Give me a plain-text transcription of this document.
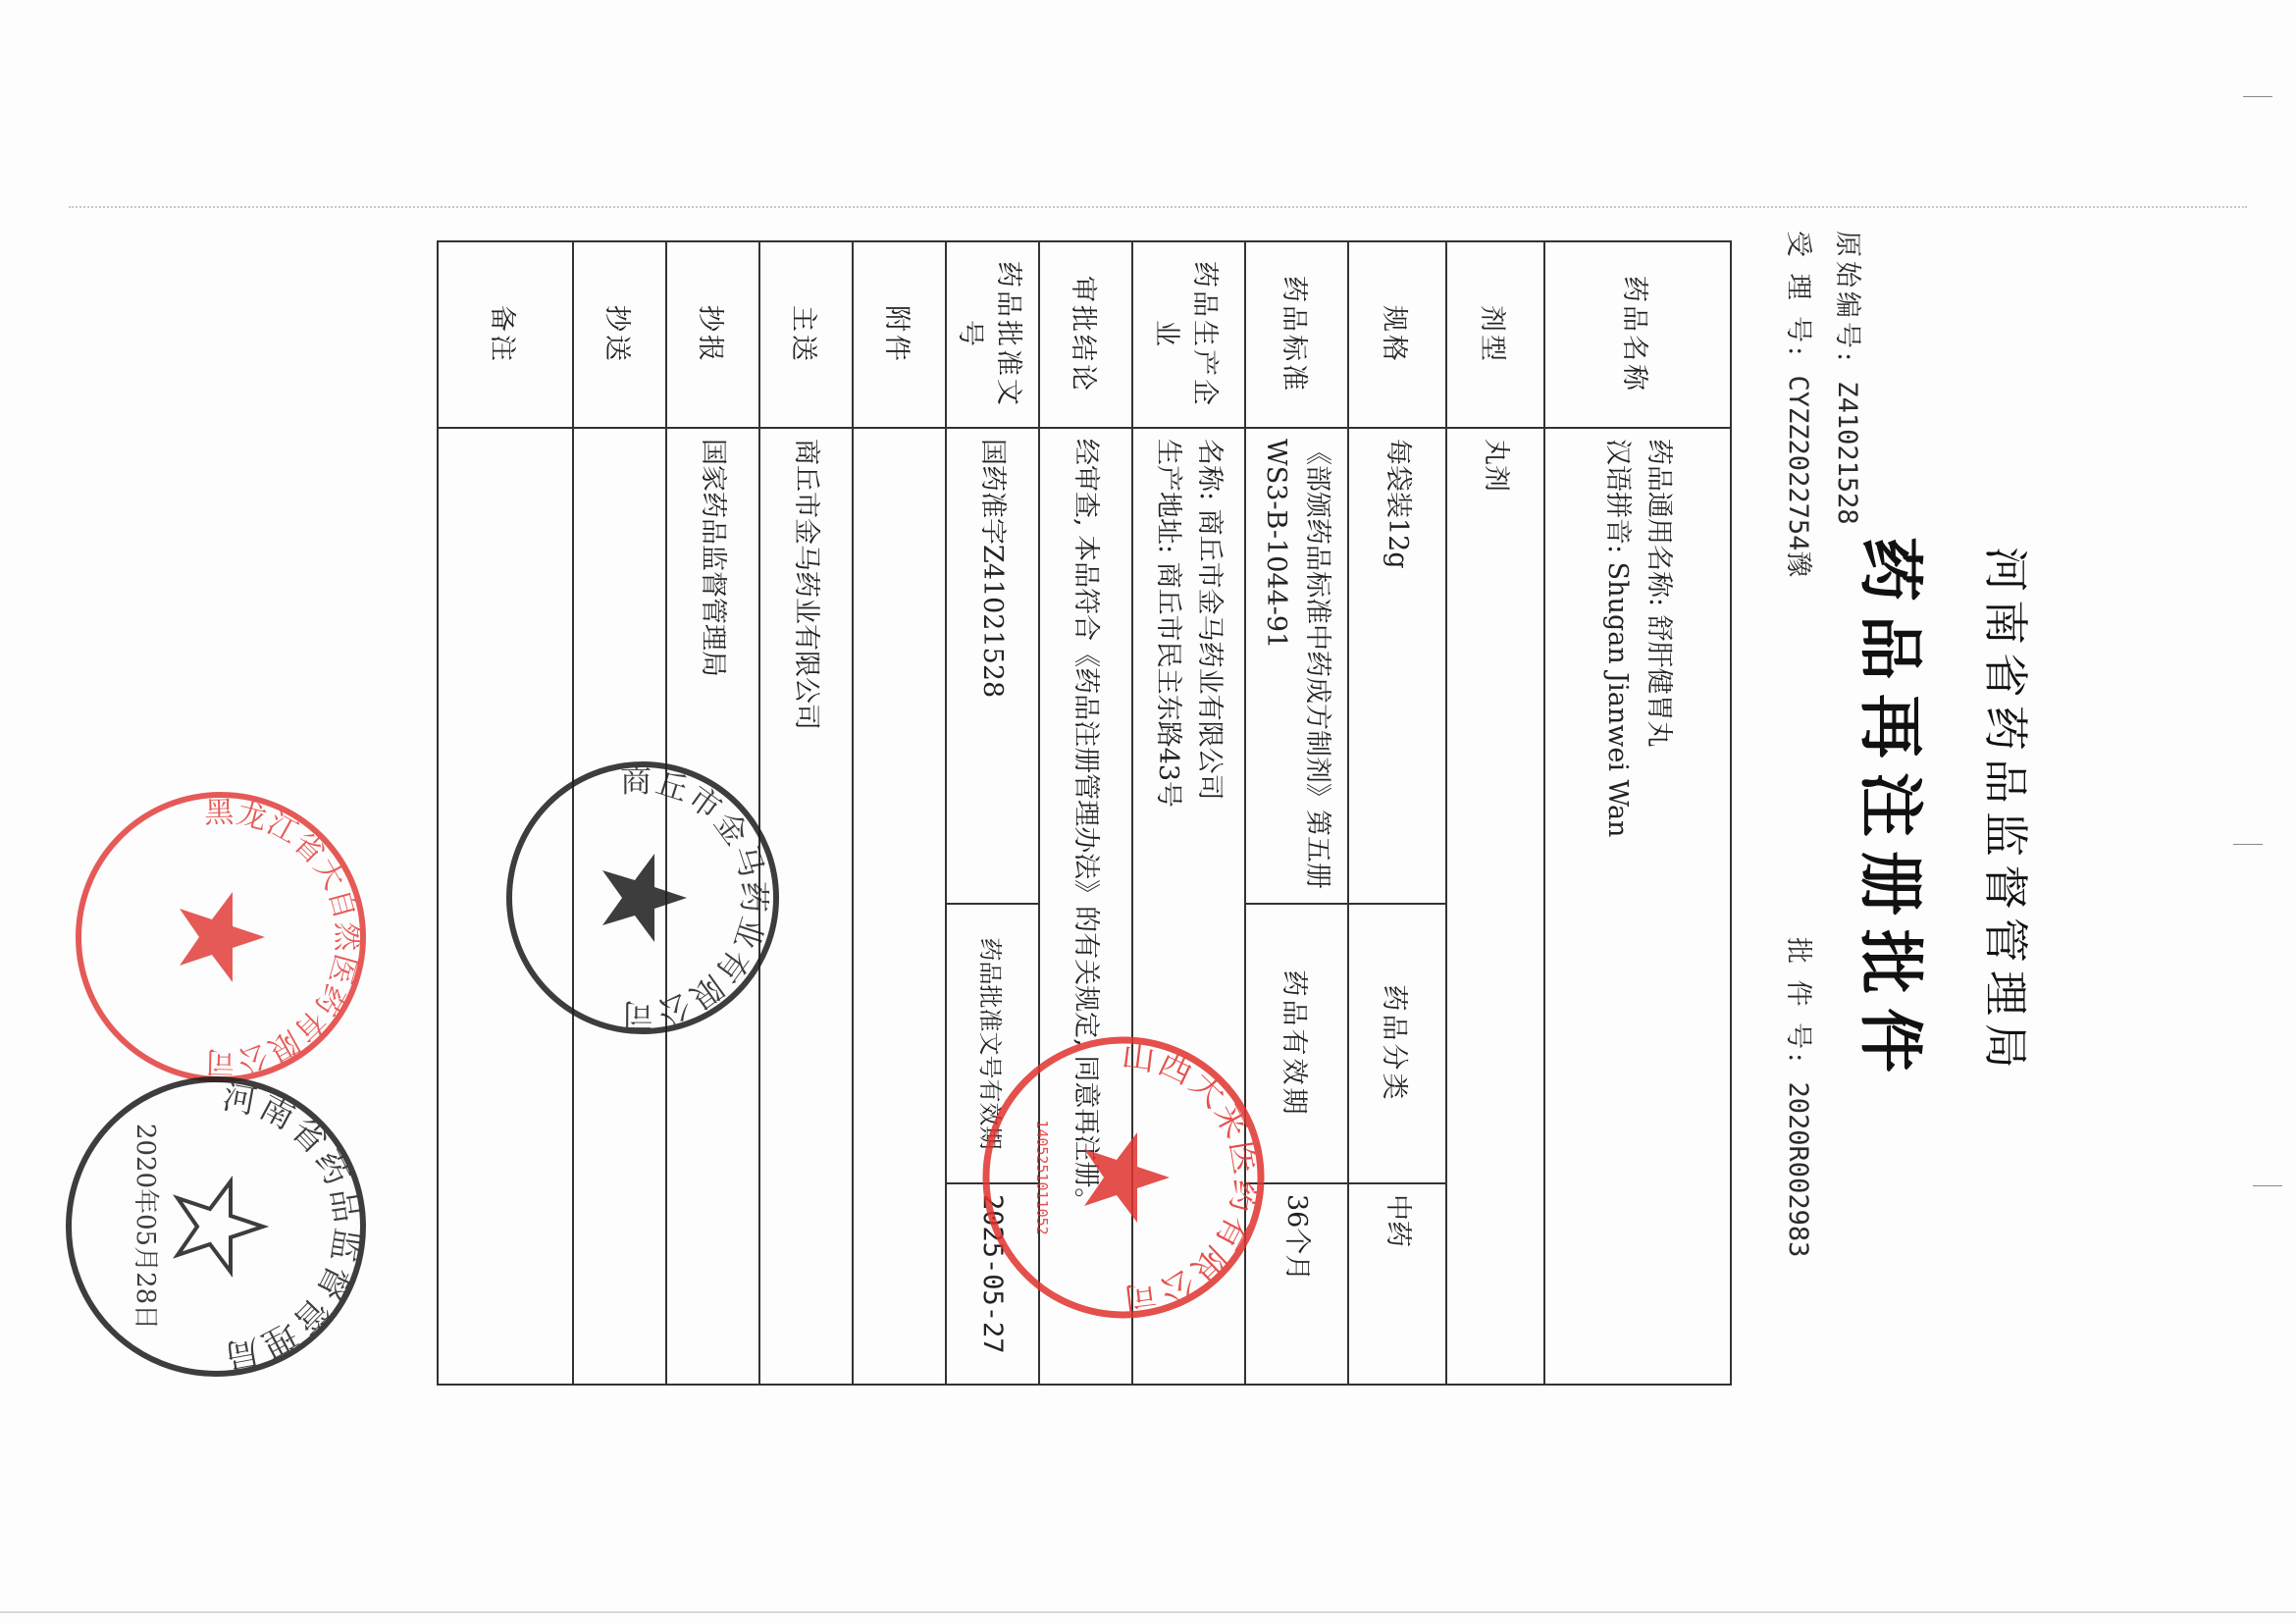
河南省药品监督管理局
药品再注册批件
原始编号: Z41021528
受 理 号: CYZZ2022754豫
批 件 号: 2020R002983
药品名称	药品通用名称: 舒肝健胃丸
汉语拼音: Shugan Jianwei Wan		

剂型	丸剂		
规格	每袋装12g	药品分类	中药
药品标准	《部颁药品标准中药成方制剂》第五册WS3-B-1044-91	药品有效期	36个月
药品生产企业	名称: 商丘市金马药业有限公司
生产地址: 商丘市民主东路43号		

审批结论	经审查, 本品符合《药品注册管理办法》的有关规定, 同意再注册。		
药品批准文号	国药准字Z41021528	药品批准文号有效期	2025-05-27
附件			
主送	商丘市金马药业有限公司		
抄报	国家药品监督管理局		
抄送			
备注			
山西大来医药有限公司
1405251011052
商丘市金马药业有限公司
黑龙江省大自然医药有限公司
河南省药品监督管理局
2020年05月28日
